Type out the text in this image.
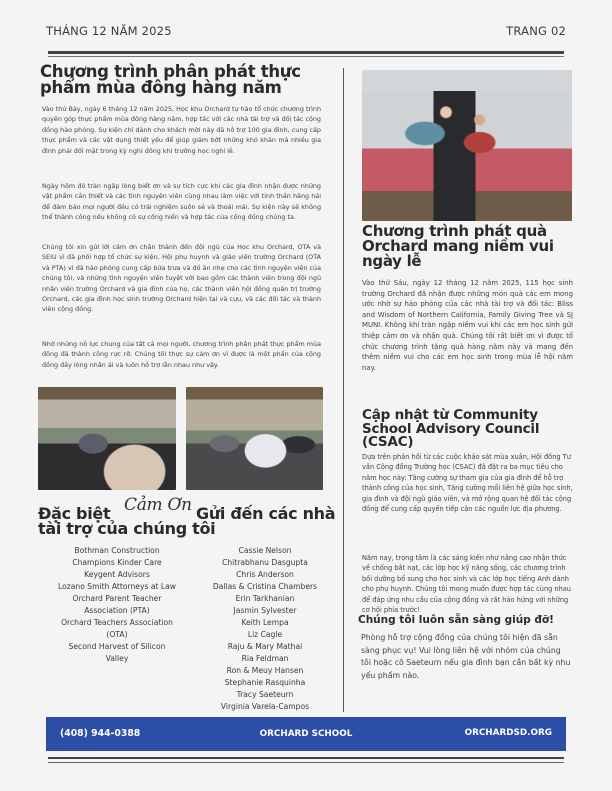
THÁNG 12 NĂM 2025	TRANG 02
Chương trình phân phát thực phẩm mùa đông hàng năm

Vào thứ Bảy, ngày 6 tháng 12 năm 2025, Học khu Orchard tự hào tổ chức chương trình quyên góp thực phẩm mùa đông hàng năm, hợp tác với các nhà tài trợ và đối tác cộng đồng hào phóng. Sự kiện chỉ dành cho khách mời này đã hỗ trợ 100 gia đình, cung cấp thực phẩm và các vật dụng thiết yếu để giúp giảm bớt những khó khăn mà nhiều gia đình phải đối mặt trong kỳ nghỉ đông khi trường học nghỉ lễ.

Ngày hôm đó tràn ngập lòng biết ơn và sự tích cực khi các gia đình nhận được những vật phẩm cần thiết và các tình nguyện viên cùng nhau làm việc với tinh thần hăng hái để đảm bảo mọi người đều có trải nghiệm suôn sẻ và thoải mái. Sự kiện này sẽ không thể thành công nếu không có sự cống hiến và hợp tác của cộng đồng chúng ta.

Chúng tôi xin gửi lời cảm ơn chân thành đến đội ngũ của Học khu Orchard, OTA và SEIU vì đã phối hợp tổ chức sự kiện, Hội phụ huynh và giáo viên trường Orchard (OTA và PTA) vì đã hào phóng cung cấp bữa trưa và đồ ăn nhẹ cho các tình nguyện viên của chúng tôi, và những tình nguyện viên tuyệt vời bao gồm các thành viên trong đội ngũ nhân viên trường Orchard và gia đình của họ, các thành viên hội đồng quản trị trường Orchard, các gia đình học sinh trường Orchard hiện tại và cựu, và các đối tác và thành viên cộng đồng.

Nhờ những nỗ lực chung của tất cả mọi người, chương trình phân phát thực phẩm mùa đông đã thành công rực rỡ. Chúng tôi thực sự cảm ơn vì được là một phần của cộng đồng đầy lòng nhân ái và luôn hỗ trợ lẫn nhau như vậy.

Đặc biệt Cảm Ơn Gửi đến các nhà
tài trợ của chúng tôi
Bothman Construction
Champions Kinder Care
Keygent Advisors
Lozano Smith Attorneys at Law
Orchard Parent Teacher
Association (PTA)
Orchard Teachers Association
(OTA)
Second Harvest of Silicon
Valley
Cassie Nelson
Chitrabhanu Dasgupta
Chris Anderson
Dallas & Cristina Chambers
Erin Tarkhanian
Jasmin Sylvester
Keith Lempa
Liz Cagle
Raju & Mary Mathai
Ria Feldman
Ron & Meuy Hansen
Stephanie Rasquinha
Tracy Saeteurn
Virginia Varela-Campos
Chương trình phát quà Orchard mang niềm vui ngày lễ

Vào thứ Sáu, ngày 12 tháng 12 năm 2025, 115 học sinh trường Orchard đã nhận được những món quà các em mong ước nhờ sự hào phóng của các nhà tài trợ và đối tác: Bliss and Wisdom of Northern California, Family Giving Tree và SJ MUNI. Không khí tràn ngập niềm vui khi các em học sinh gửi thiệp cảm ơn và nhận quà. Chúng tôi rất biết ơn vì được tổ chức chương trình tặng quà hàng năm này và mang đến thêm niềm vui cho các em học sinh trong mùa lễ hội năm nay.

Cập nhật từ Community School Advisory Council (CSAC)

Dựa trên phản hồi từ các cuộc khảo sát mùa xuân, Hội đồng Tư vấn Cộng đồng Trường học (CSAC) đã đặt ra ba mục tiêu cho năm học này: Tăng cường sự tham gia của gia đình để hỗ trợ thành công của học sinh, Tăng cường mối liên hệ giữa học sinh, gia đình và đội ngũ giáo viên, và mở rộng quan hệ đối tác cộng đồng để cung cấp quyền tiếp cận các nguồn lực địa phương.

Năm nay, trọng tâm là các sáng kiến như nâng cao nhận thức về chống bắt nạt, các lớp học kỹ năng sống, các chương trình bồi dưỡng bổ sung cho học sinh và các lớp học tiếng Anh dành cho phụ huynh. Chúng tôi mong muốn được hợp tác cùng nhau để đáp ứng nhu cầu của cộng đồng và rất hào hứng với những cơ hội phía trước!

Chúng tôi luôn sẵn sàng giúp đỡ!

Phòng hỗ trợ cộng đồng của chúng tôi hiện đã sẵn sàng phục vụ! Vui lòng liên hệ với nhóm của chúng tôi hoặc cô Saeteurn nếu gia đình bạn cần bất kỳ nhu yếu phẩm nào.

(408) 944-0388	ORCHARD SCHOOL	ORCHARDSD.ORG
